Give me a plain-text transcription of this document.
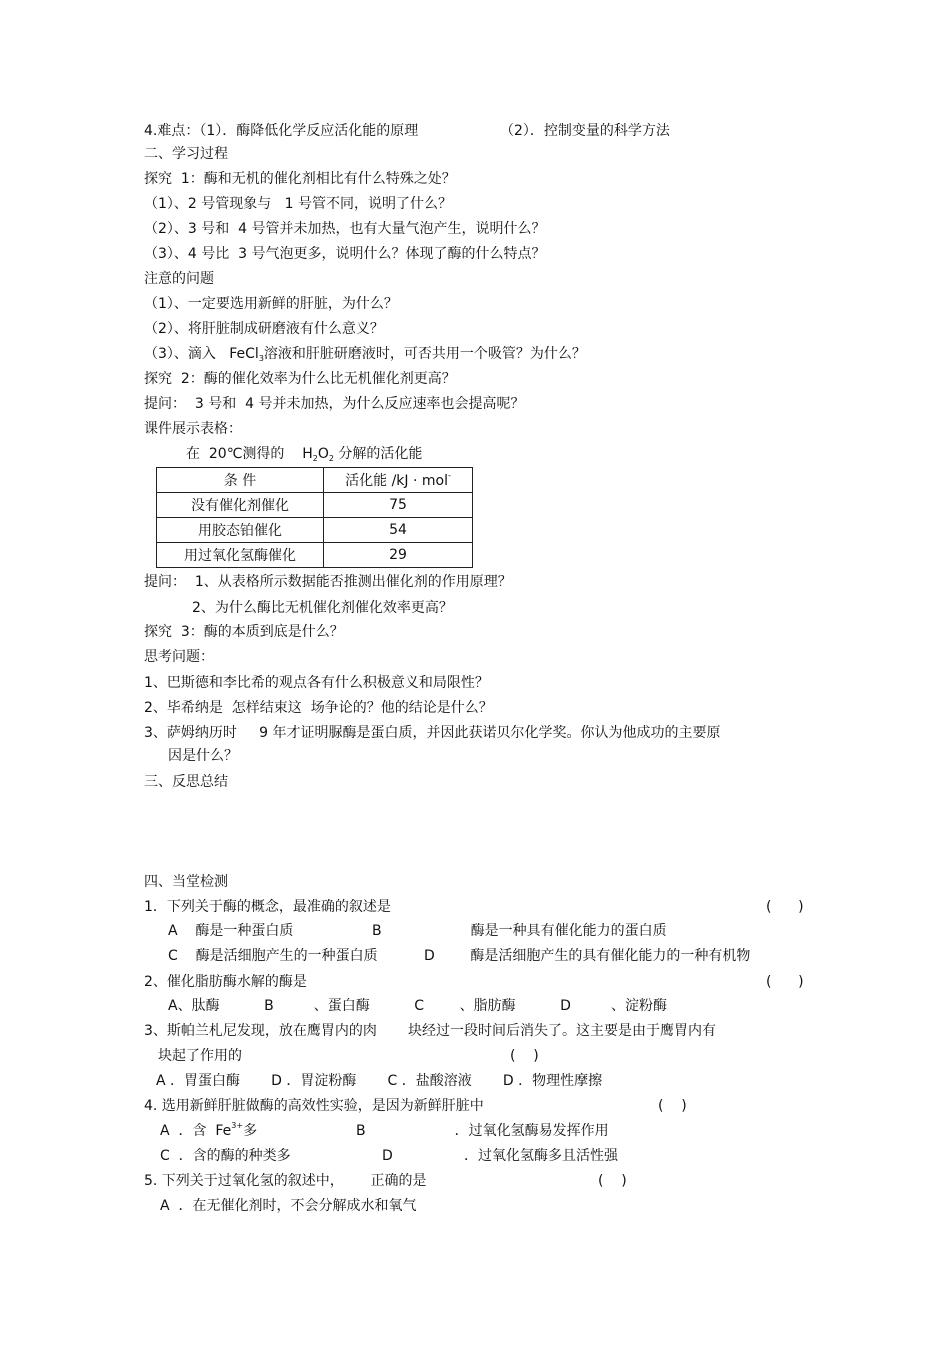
4.难点：（1）．酶降低化学反应活化能的原理	（2）．控制变量的科学方法
二、学习过程
探究  1：酶和无机的催化剂相比有什么特殊之处？
（1）、2 号管现象与   1 号管不同，说明了什么？
（2）、3 号和  4 号管并未加热，也有大量气泡产生，说明什么？
（3）、4 号比  3 号气泡更多，说明什么？体现了酶的什么特点？
注意的问题
（1）、一定要选用新鲜的肝脏，为什么？
（2）、将肝脏制成研磨液有什么意义？
（3）、滴入   FeCl$_3$溶液和肝脏研磨液时，可否共用一个吸管？为什么？
探究  2：酶的催化效率为什么比无机催化剂更高？
提问：  3 号和  4 号并未加热，为什么反应速率也会提高呢？
课件展示表格：
在  20℃测得的    $H_2O_2$ 分解的活化能
条 件	活化能 /kJ · mol-
没有催化剂催化	75
用胶态铂催化	54
用过氧化氢酶催化	29
提问：  1、从表格所示数据能否推测出催化剂的作用原理？
2、为什么酶比无机催化剂催化效率更高？
探究  3：酶的本质到底是什么？
思考问题：
1、巴斯德和李比希的观点各有什么积极意义和局限性？
2、毕希纳是  怎样结束这  场争论的？他的结论是什么？
3、萨姆纳历时     9 年才证明脲酶是蛋白质，并因此获诺贝尔化学奖。你认为他成功的主要原
因是什么？
三、反思总结
四、当堂检测
1．下列关于酶的概念，最准确的叙述是	(      )
A    酶是一种蛋白质	B                    酶是一种具有催化能力的蛋白质
C    酶是活细胞产生的一种蛋白质	D        酶是活细胞产生的具有催化能力的一种有机物
2、催化脂肪酶水解的酶是	(      )
A、肽酶          B         、蛋白酶          C        、脂肪酶          D         、淀粉酶
3、斯帕兰札尼发现，放在鹰胃内的肉       块经过一段时间后消失了。这主要是由于鹰胃内有
块起了作用的	(    )
A ．胃蛋白酶       D ．胃淀粉酶       C ．盐酸溶液       D ．物理性摩擦
4. 选用新鲜肝脏做酶的高效性实验，是因为新鲜肝脏中	(    )
A  ．含  $Fe^{3+}$多	B                    ．过氧化氢酶易发挥作用
C  ．含的酶的种类多	D                ．过氧化氢酶多且活性强
5. 下列关于过氧化氢的叙述中，      正确的是	(    )
A  ．在无催化剂时，不会分解成水和氧气
